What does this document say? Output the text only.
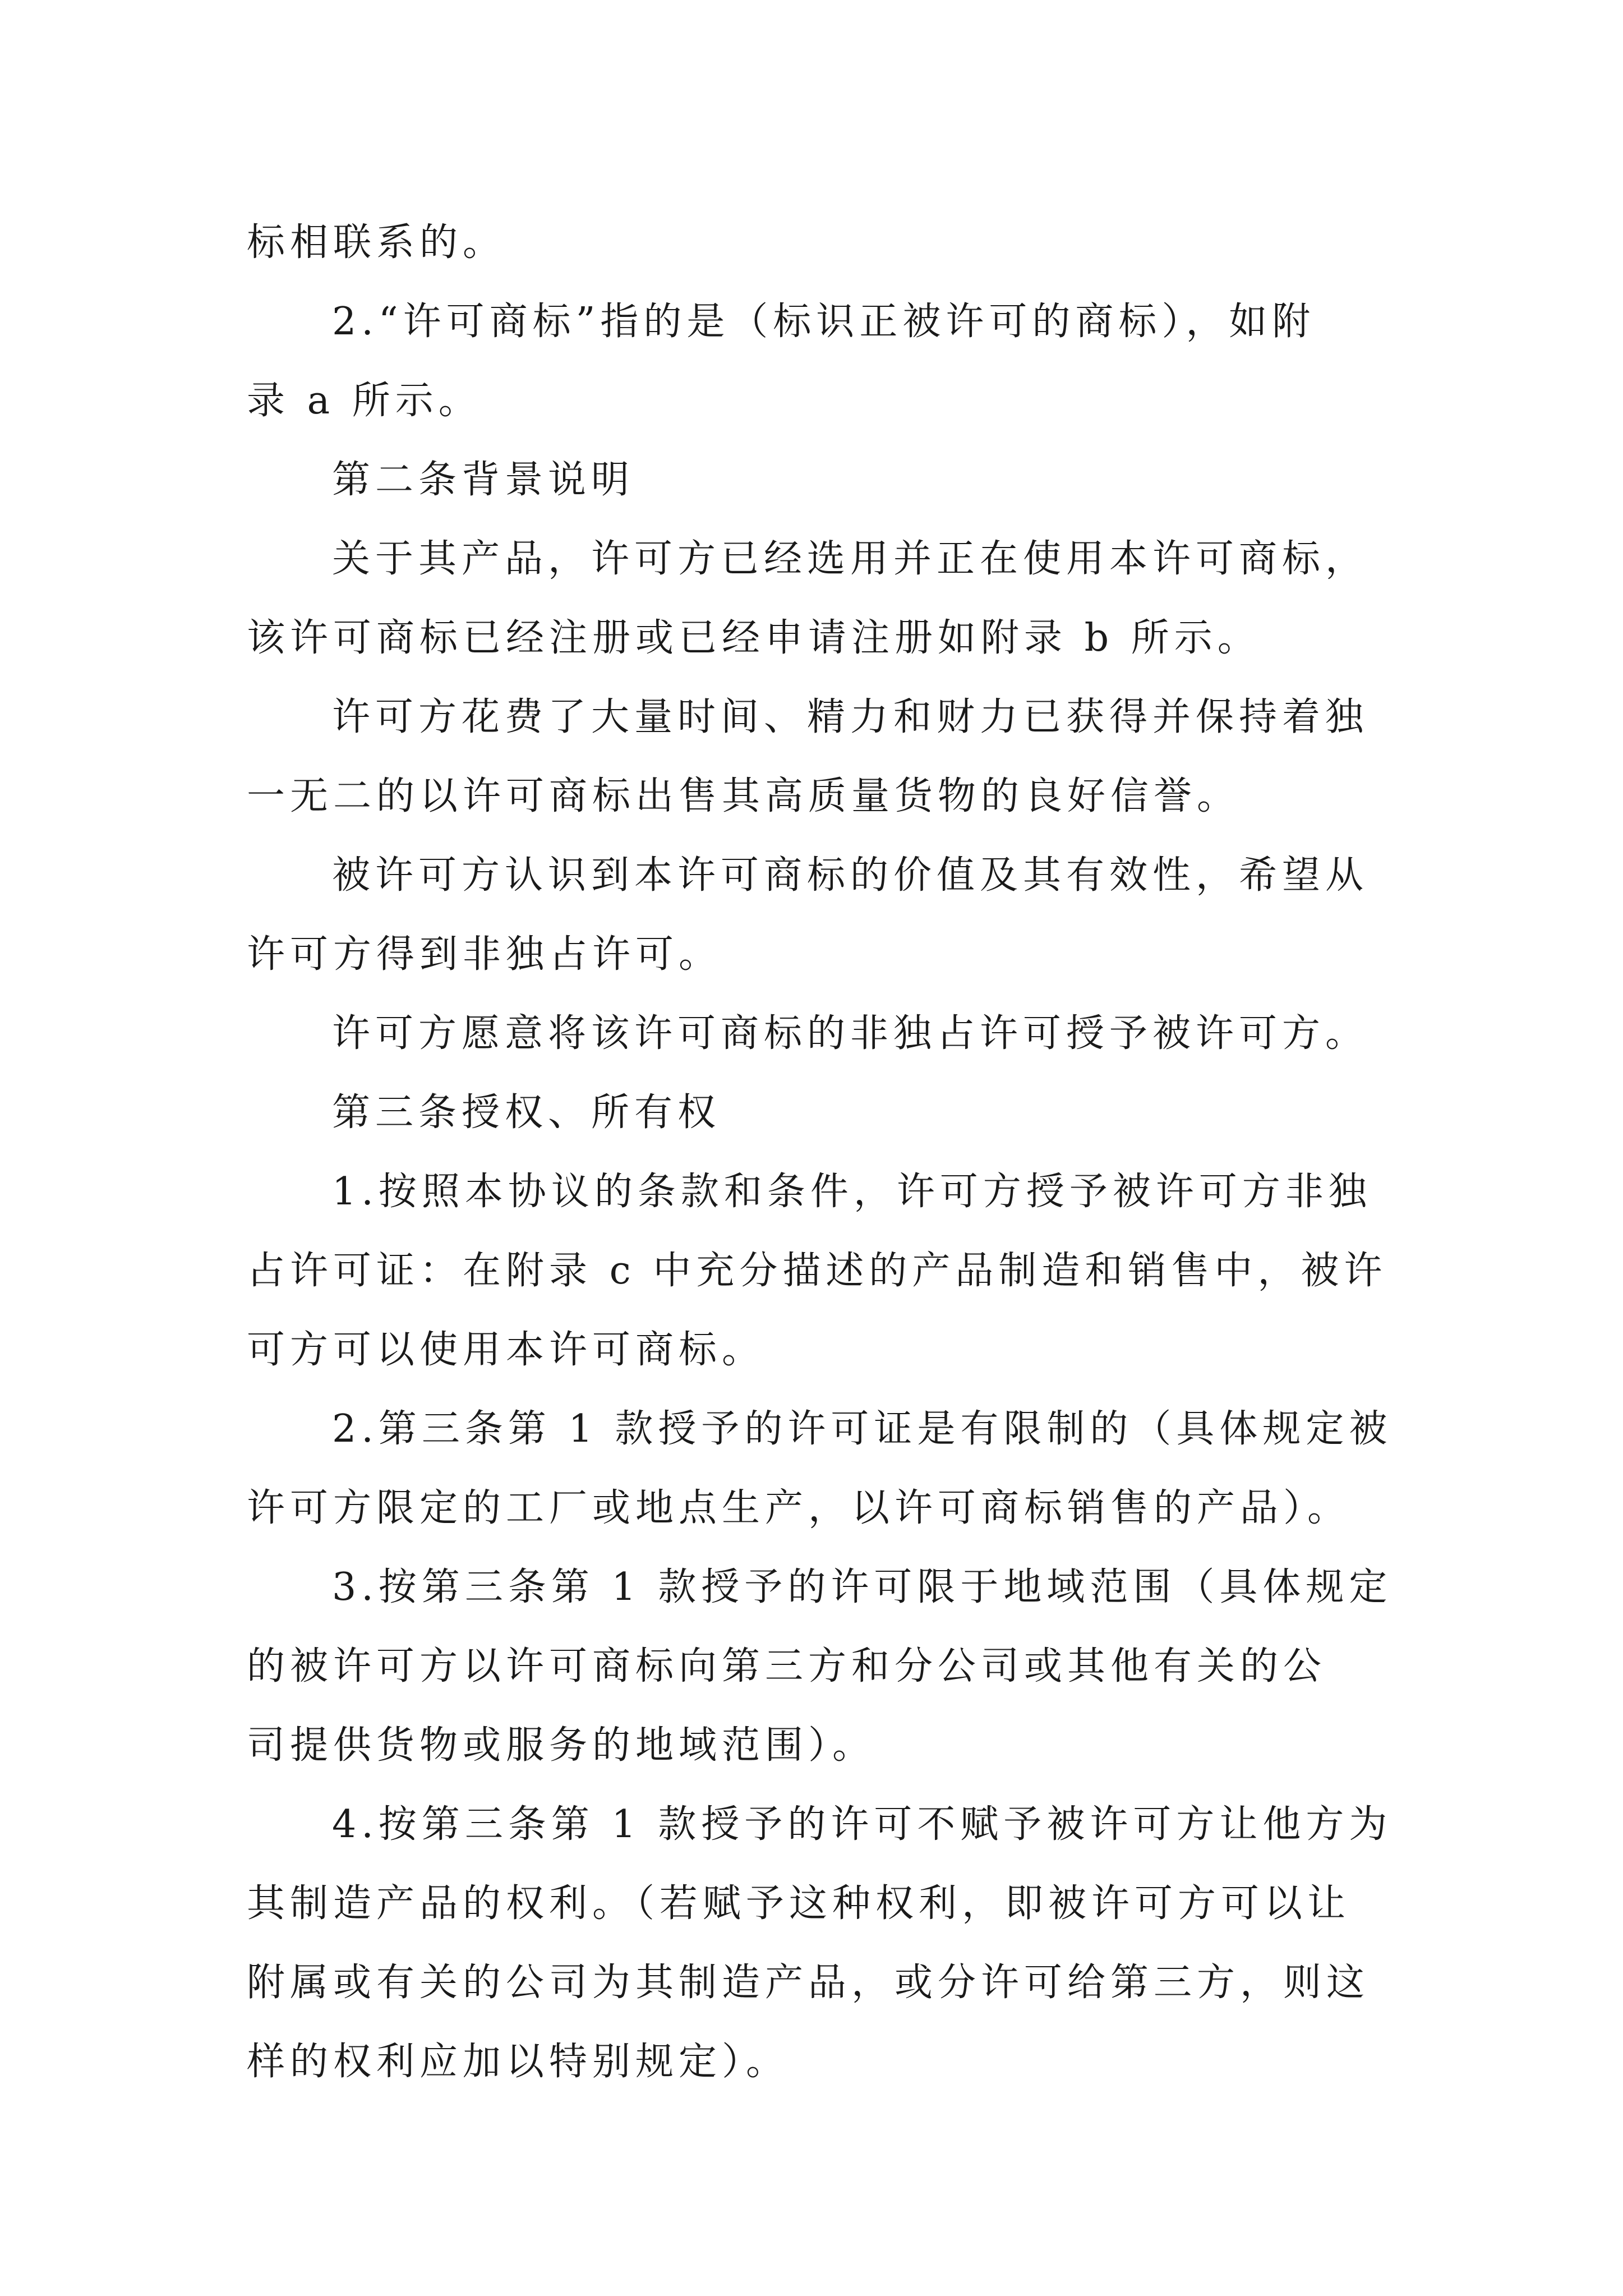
标相联系的。
2.“许可商标”指的是（标识正被许可的商标），如附
录 a 所示。
第二条背景说明
关于其产品，许可方已经选用并正在使用本许可商标，
该许可商标已经注册或已经申请注册如附录 b 所示。
许可方花费了大量时间、精力和财力已获得并保持着独
一无二的以许可商标出售其高质量货物的良好信誉。
被许可方认识到本许可商标的价值及其有效性，希望从
许可方得到非独占许可。
许可方愿意将该许可商标的非独占许可授予被许可方。
第三条授权、所有权
1.按照本协议的条款和条件，许可方授予被许可方非独
占许可证：在附录 c 中充分描述的产品制造和销售中，被许
可方可以使用本许可商标。
2.第三条第 1 款授予的许可证是有限制的（具体规定被
许可方限定的工厂或地点生产，以许可商标销售的产品）。
3.按第三条第 1 款授予的许可限于地域范围（具体规定
的被许可方以许可商标向第三方和分公司或其他有关的公
司提供货物或服务的地域范围）。
4.按第三条第 1 款授予的许可不赋予被许可方让他方为
其制造产品的权利。（若赋予这种权利，即被许可方可以让
附属或有关的公司为其制造产品，或分许可给第三方，则这
样的权利应加以特别规定）。
